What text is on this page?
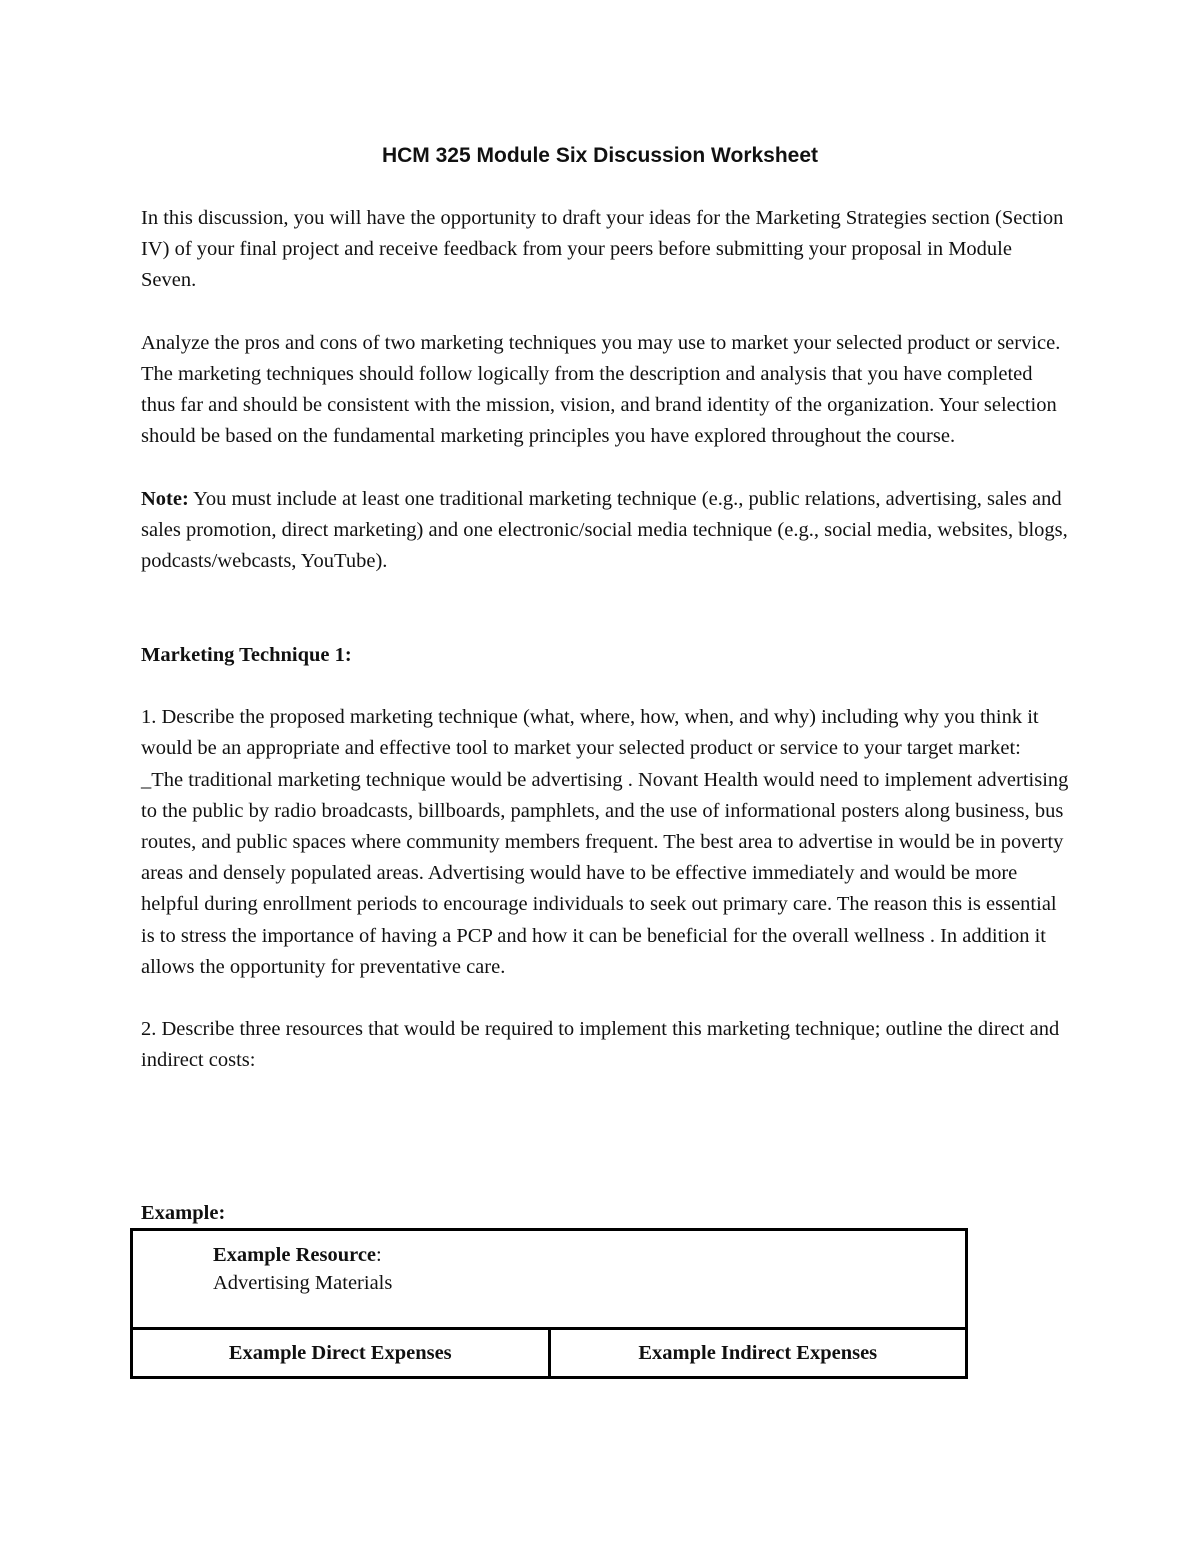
HCM 325 Module Six Discussion Worksheet

In this discussion, you will have the opportunity to draft your ideas for the Marketing Strategies section (Section IV) of your final project and receive feedback from your peers before submitting your proposal in Module Seven.

Analyze the pros and cons of two marketing techniques you may use to market your selected product or service. The marketing techniques should follow logically from the description and analysis that you have completed thus far and should be consistent with the mission, vision, and brand identity of the organization. Your selection should be based on the fundamental marketing principles you have explored throughout the course.

Note: You must include at least one traditional marketing technique (e.g., public relations, advertising, sales and sales promotion, direct marketing) and one electronic/social media technique (e.g., social media, websites, blogs, podcasts/webcasts, YouTube).

Marketing Technique 1:

1. Describe the proposed marketing technique (what, where, how, when, and why) including why you think it would be an appropriate and effective tool to market your selected product or service to your target market:

_The traditional marketing technique would be advertising . Novant Health would need to implement advertising to the public by radio broadcasts, billboards, pamphlets, and the use of informational posters along business, bus routes, and public spaces where community members frequent. The best area to advertise in would be in poverty areas and densely populated areas. Advertising would have to be effective immediately and would be more helpful during enrollment periods to encourage individuals to seek out primary care. The reason this is essential is to stress the importance of having a PCP and how it can be beneficial for the overall wellness . In addition it allows the opportunity for preventative care.

2. Describe three resources that would be required to implement this marketing technique; outline the direct and indirect costs:

Example:
Example Resource:
Advertising Materials
Example Direct Expenses	Example Indirect Expenses
